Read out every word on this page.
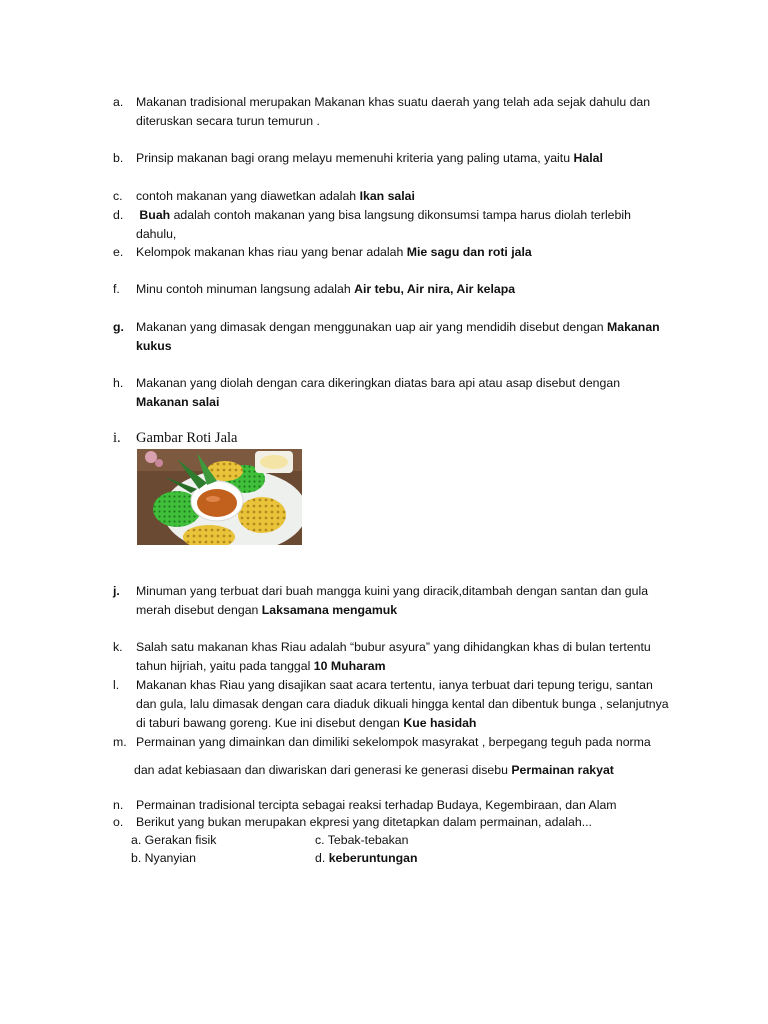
a. Makanan tradisional merupakan Makanan khas suatu daerah yang telah ada sejak dahulu dan diteruskan secara turun temurun .
b. Prinsip makanan bagi orang melayu memenuhi kriteria yang paling utama, yaitu Halal
c. contoh makanan yang diawetkan adalah Ikan salai
d. Buah adalah contoh makanan yang bisa langsung dikonsumsi tampa harus diolah terlebih dahulu,
e. Kelompok makanan khas riau yang benar adalah Mie sagu dan roti jala
f. Minu contoh minuman langsung adalah Air tebu, Air nira, Air kelapa
g. Makanan yang dimasak dengan menggunakan uap air yang mendidih disebut dengan Makanan kukus
h. Makanan yang diolah dengan cara dikeringkan diatas bara api atau asap disebut dengan Makanan salai
i. Gambar Roti Jala
j. Minuman yang terbuat dari buah mangga kuini yang diracik,ditambah dengan santan dan gula merah disebut dengan Laksamana mengamuk
k. Salah satu makanan khas Riau adalah “bubur asyura” yang dihidangkan khas di bulan tertentu tahun hijriah, yaitu pada tanggal 10 Muharam
l. Makanan khas Riau yang disajikan saat acara tertentu, ianya terbuat dari tepung terigu, santan dan gula, lalu dimasak dengan cara diaduk dikuali hingga kental dan dibentuk bunga , selanjutnya di taburi bawang goreng. Kue ini disebut dengan Kue hasidah
m. Permainan yang dimainkan dan dimiliki sekelompok masyrakat , berpegang teguh pada norma
dan adat kebiasaan dan diwariskan dari generasi ke generasi disebu Permainan rakyat
n. Permainan tradisional tercipta sebagai reaksi terhadap Budaya, Kegembiraan, dan Alam
o. Berikut yang bukan merupakan ekpresi yang ditetapkan dalam permainan, adalah...
a. Gerakan fisik	c. Tebak-tebakan
b. Nyanyian	d. keberuntungan
